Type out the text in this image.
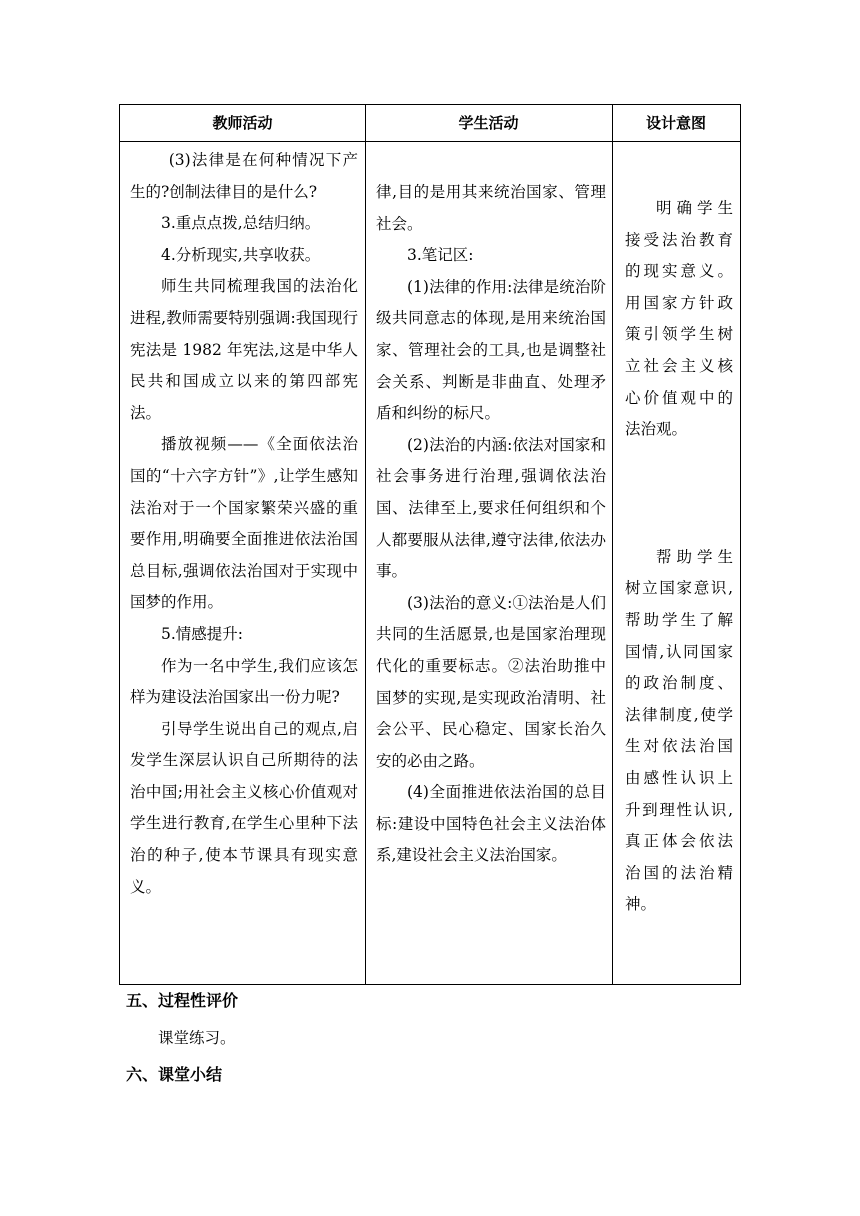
教师活动	学生活动	设计意图

(3)法律是在何种情况下产生的?创制法律目的是什么?

3.重点点拨,总结归纳。

4.分析现实,共享收获。

师生共同梳理我国的法治化进程,教师需要特别强调:我国现行宪法是 1982 年宪法,这是中华人民共和国成立以来的第四部宪法。

播放视频——《全面依法治国的“十六字方针”》,让学生感知法治对于一个国家繁荣兴盛的重要作用,明确要全面推进依法治国总目标,强调依法治国对于实现中国梦的作用。

5.情感提升:

作为一名中学生,我们应该怎样为建设法治国家出一份力呢?

引导学生说出自己的观点,启发学生深层认识自己所期待的法治中国;用社会主义核心价值观对学生进行教育,在学生心里种下法治的种子,使本节课具有现实意义。

律,目的是用其来统治国家、管理社会。

3.笔记区:

(1)法律的作用:法律是统治阶级共同意志的体现,是用来统治国家、管理社会的工具,也是调整社会关系、判断是非曲直、处理矛盾和纠纷的标尺。

(2)法治的内涵:依法对国家和社会事务进行治理,强调依法治国、法律至上,要求任何组织和个人都要服从法律,遵守法律,依法办事。

(3)法治的意义:①法治是人们共同的生活愿景,也是国家治理现代化的重要标志。②法治助推中国梦的实现,是实现政治清明、社会公平、民心稳定、国家长治久安的必由之路。

(4)全面推进依法治国的总目标:建设中国特色社会主义法治体系,建设社会主义法治国家。

明确学生接受法治教育的现实意义。用国家方针政策引领学生树立社会主义核心价值观中的法治观。

帮助学生树立国家意识,帮助学生了解国情,认同国家的政治制度、法律制度,使学生对依法治国由感性认识上升到理性认识,真正体会依法治国的法治精神。

五、过程性评价
课堂练习。
六、课堂小结
